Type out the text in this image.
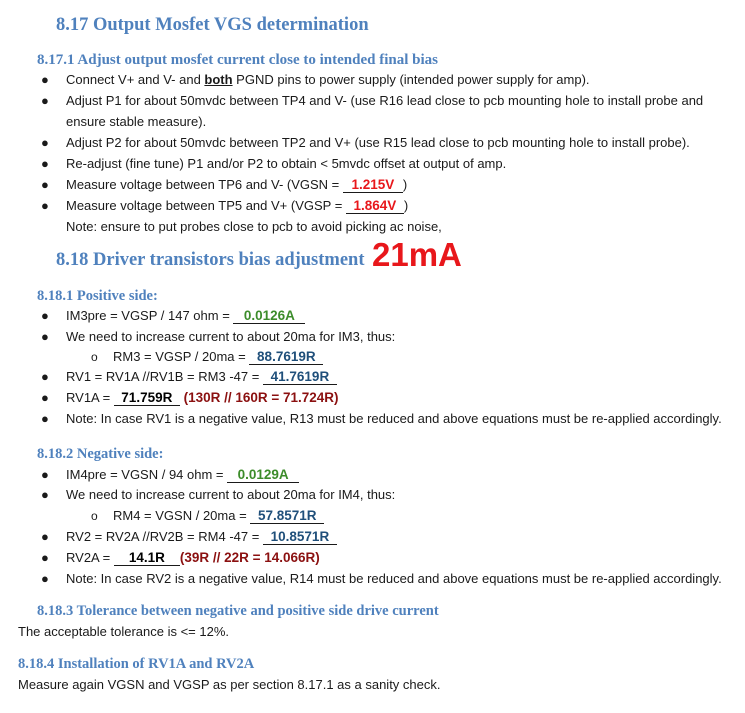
8.17 Output Mosfet VGS determination
8.17.1 Adjust output mosfet current close to intended final bias
● Connect V+ and V- and both PGND pins to power supply (intended power supply for amp).
● Adjust P1 for about 50mvdc between TP4 and V- (use R16 lead close to pcb mounting hole to install probe and
ensure stable measure).
● Adjust P2 for about 50mvdc between TP2 and V+ (use R15 lead close to pcb mounting hole to install probe).
● Re-adjust (fine tune) P1 and/or P2 to obtain < 5mvdc offset at output of amp.
● Measure voltage between TP6 and V- (VGSN = 1.215V )
● Measure voltage between TP5 and V+ (VGSP = 1.864V )
Note: ensure to put probes close to pcb to avoid picking ac noise,
8.18 Driver transistors bias adjustment 21mA
8.18.1 Positive side:
● IM3pre = VGSP / 147 ohm = 0.0126A
● We need to increase current to about 20ma for IM3, thus:
o RM3 = VGSP / 20ma = 88.7619R
● RV1 = RV1A //RV1B = RM3 -47 = 41.7619R
● RV1A = 71.759R (130R // 160R = 71.724R)
● Note: In case RV1 is a negative value, R13 must be reduced and above equations must be re-applied accordingly.
8.18.2 Negative side:
● IM4pre = VGSN / 94 ohm = 0.0129A
● We need to increase current to about 20ma for IM4, thus:
o RM4 = VGSN / 20ma = 57.8571R
● RV2 = RV2A //RV2B = RM4 -47 = 10.8571R
● RV2A = 14.1R (39R // 22R = 14.066R)
● Note: In case RV2 is a negative value, R14 must be reduced and above equations must be re-applied accordingly.
8.18.3 Tolerance between negative and positive side drive current
The acceptable tolerance is <= 12%.
8.18.4 Installation of RV1A and RV2A
Measure again VGSN and VGSP as per section 8.17.1 as a sanity check.
